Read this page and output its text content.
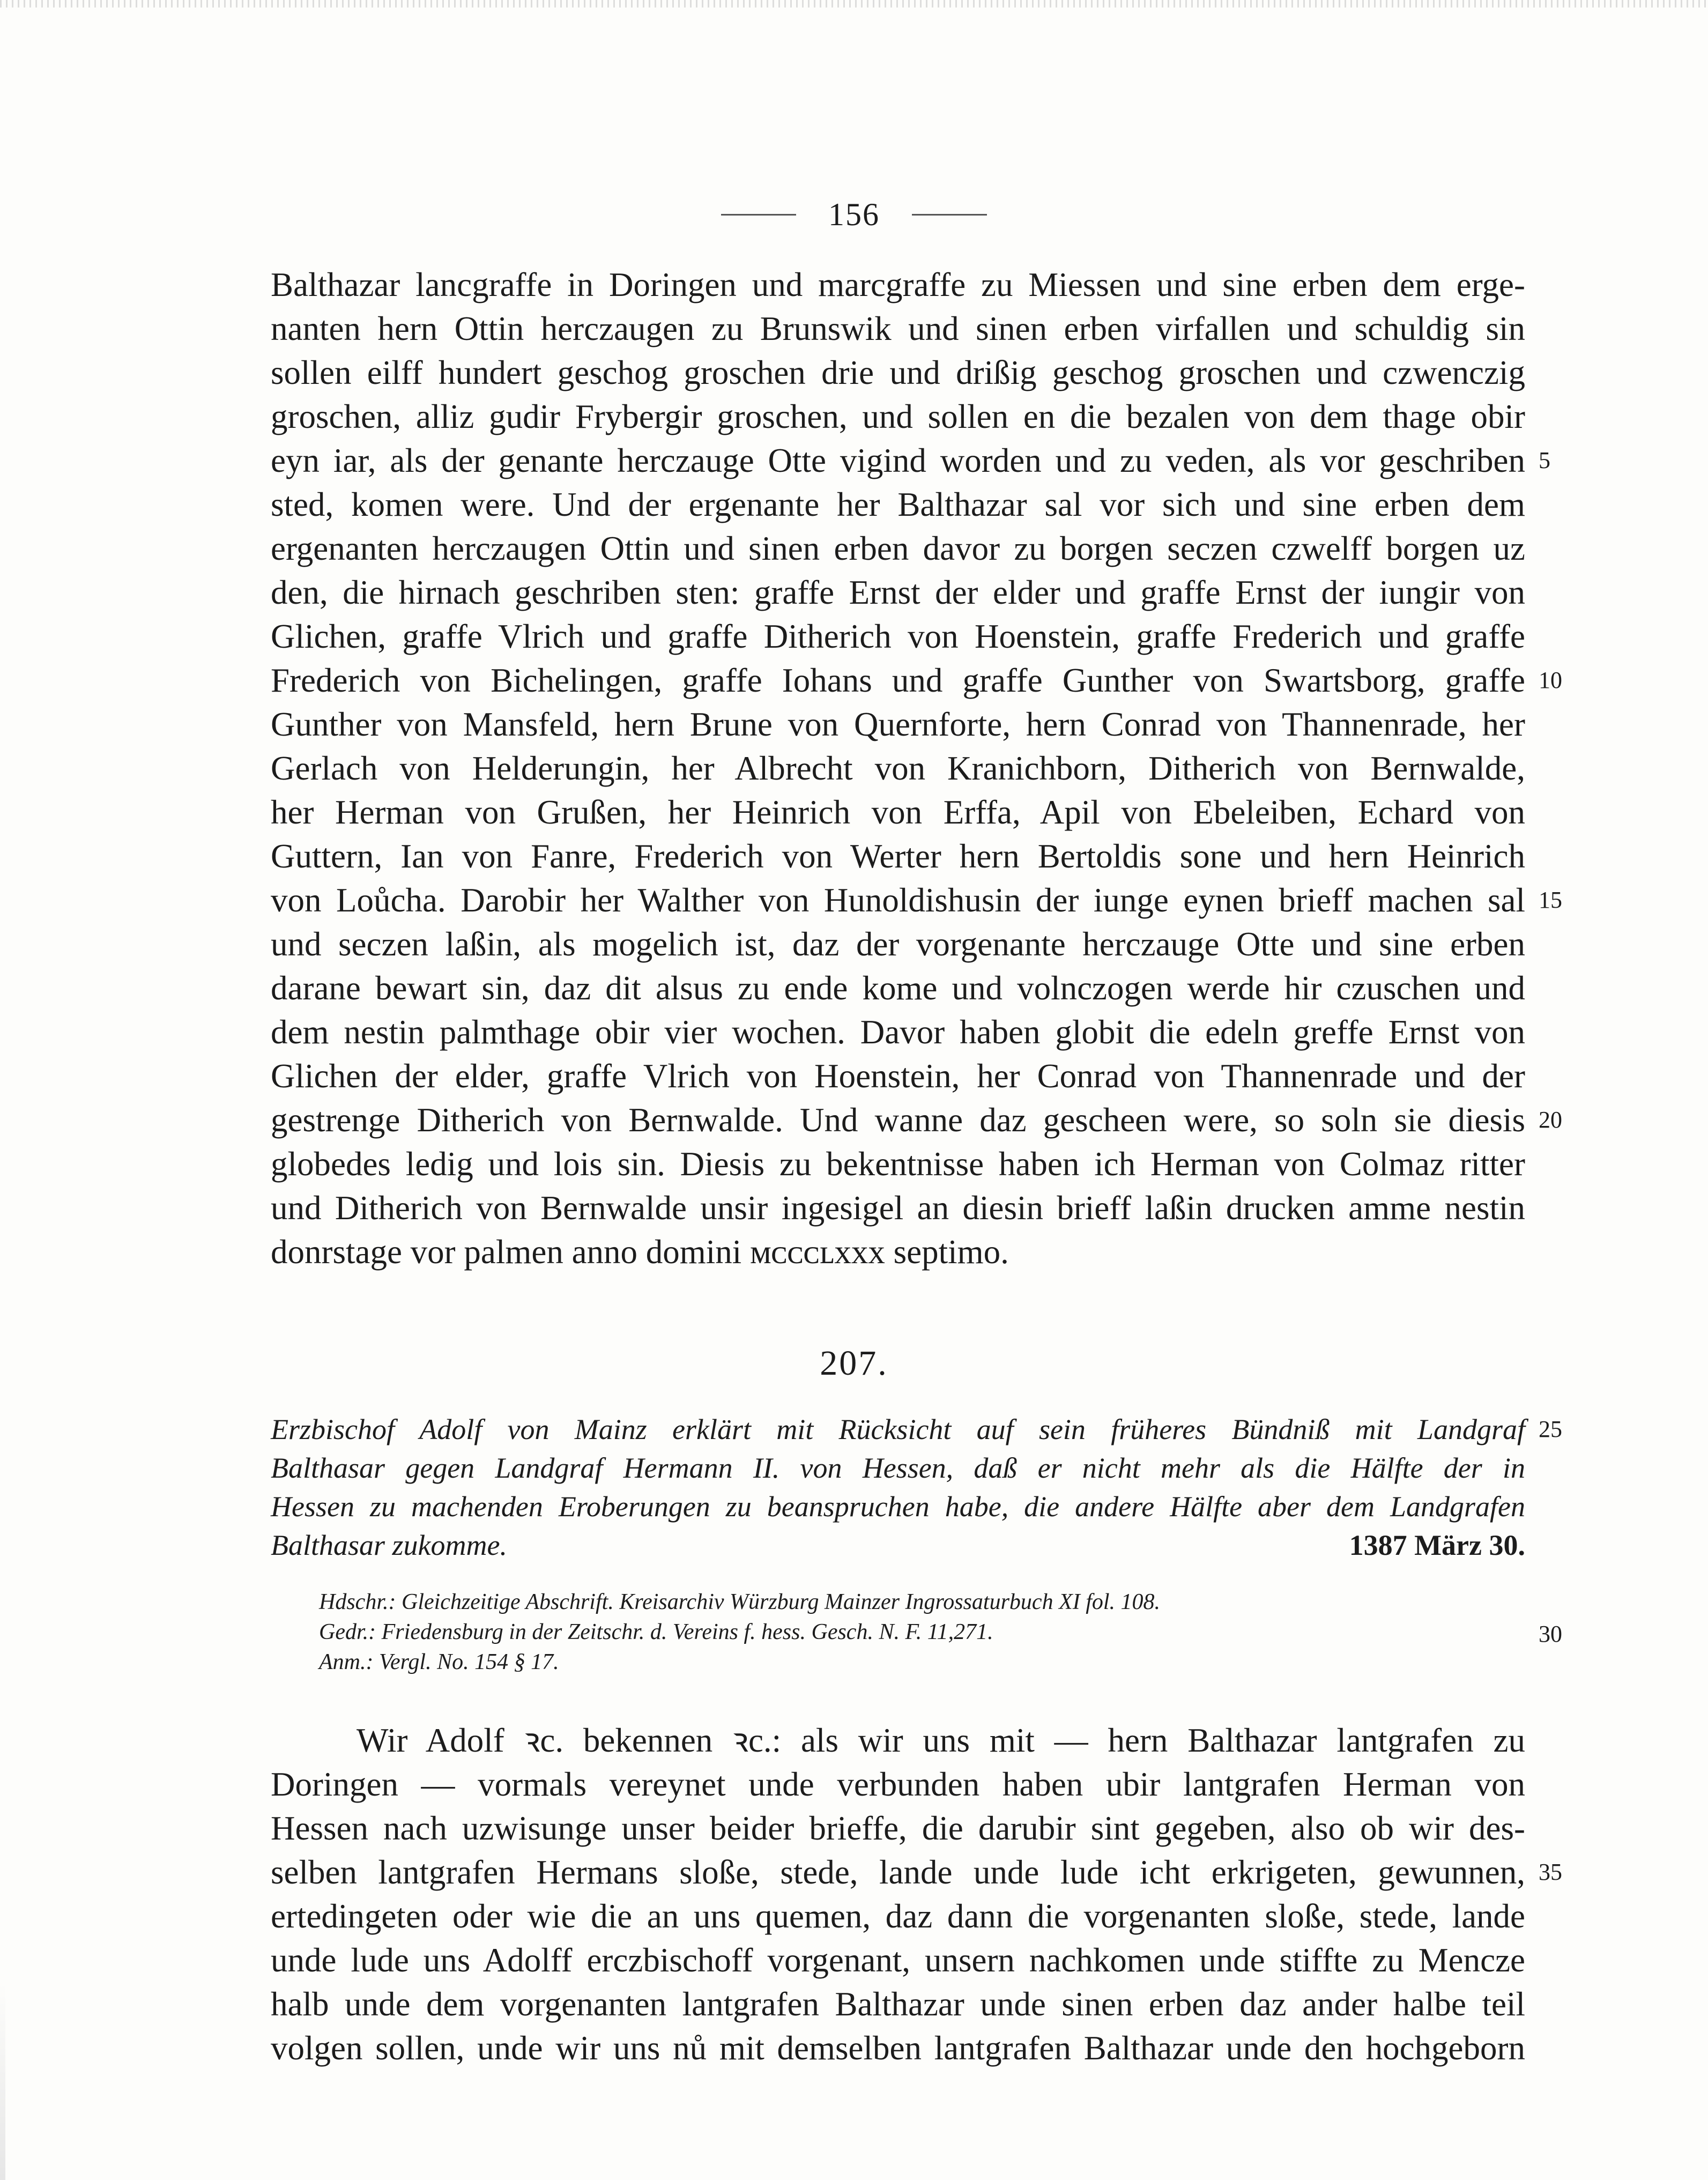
156
Balthazar lancgraffe in Doringen und marcgraffe zu Miessen und sine erben dem erge-
nanten hern Ottin herczaugen zu Brunswik und sinen erben virfallen und schuldig sin
sollen eilff hundert geschog groschen drie und drißig geschog groschen und czwenczig
groschen, alliz gudir Frybergir groschen, und sollen en die bezalen von dem thage obir
eyn iar, als der genante herczauge Otte vigind worden und zu veden, als vor geschriben
sted, komen were. Und der ergenante her Balthazar sal vor sich und sine erben dem
ergenanten herczaugen Ottin und sinen erben davor zu borgen seczen czwelff borgen uz
den, die hirnach geschriben sten: graffe Ernst der elder und graffe Ernst der iungir von
Glichen, graffe Vlrich und graffe Ditherich von Hoenstein, graffe Frederich und graffe
Frederich von Bichelingen, graffe Iohans und graffe Gunther von Swartsborg, graffe
Gunther von Mansfeld, hern Brune von Quernforte, hern Conrad von Thannenrade, her
Gerlach von Helderungin, her Albrecht von Kranichborn, Ditherich von Bernwalde,
her Herman von Grußen, her Heinrich von Erffa, Apil von Ebeleiben, Echard von
Guttern, Ian von Fanre, Frederich von Werter hern Bertoldis sone und hern Heinrich
von Loůcha. Darobir her Walther von Hunoldishusin der iunge eynen brieff machen sal
und seczen laßin, als mogelich ist, daz der vorgenante herczauge Otte und sine erben
darane bewart sin, daz dit alsus zu ende kome und volnczogen werde hir czuschen und
dem nestin palmthage obir vier wochen. Davor haben globit die edeln greffe Ernst von
Glichen der elder, graffe Vlrich von Hoenstein, her Conrad von Thannenrade und der
gestrenge Ditherich von Bernwalde. Und wanne daz gescheen were, so soln sie diesis
globedes ledig und lois sin. Diesis zu bekentnisse haben ich Herman von Colmaz ritter
und Ditherich von Bernwalde unsir ingesigel an diesin brieff laßin drucken amme nestin
donrstage vor palmen anno domini ᴍᴄᴄᴄʟxxx septimo.
5
10
15
20
207.
Erzbischof Adolf von Mainz erklärt mit Rücksicht auf sein früheres Bündniß mit Landgraf
Balthasar gegen Landgraf Hermann II. von Hessen, daß er nicht mehr als die Hälfte der in
Hessen zu machenden Eroberungen zu beanspruchen habe, die andere Hälfte aber dem Landgrafen
Balthasar zukomme.	1387 März 30.
25
Hdschr.: Gleichzeitige Abschrift. Kreisarchiv Würzburg Mainzer Ingrossaturbuch XI fol. 108.
Gedr.: Friedensburg in der Zeitschr. d. Vereins f. hess. Gesch. N. F. 11,271.
Anm.: Vergl. No. 154 § 17.
30
Wir Adolf ꝛc. bekennen ꝛc.: als wir uns mit — hern Balthazar lantgrafen zu
Doringen — vormals vereynet unde verbunden haben ubir lantgrafen Herman von
Hessen nach uzwisunge unser beider brieffe, die darubir sint gegeben, also ob wir des-
selben lantgrafen Hermans sloße, stede, lande unde lude icht erkrigeten, gewunnen,
ertedingeten oder wie die an uns quemen, daz dann die vorgenanten sloße, stede, lande
unde lude uns Adolff erczbischoff vorgenant, unsern nachkomen unde stiffte zu Mencze
halb unde dem vorgenanten lantgrafen Balthazar unde sinen erben daz ander halbe teil
volgen sollen, unde wir uns nů mit demselben lantgrafen Balthazar unde den hochgeborn
35
